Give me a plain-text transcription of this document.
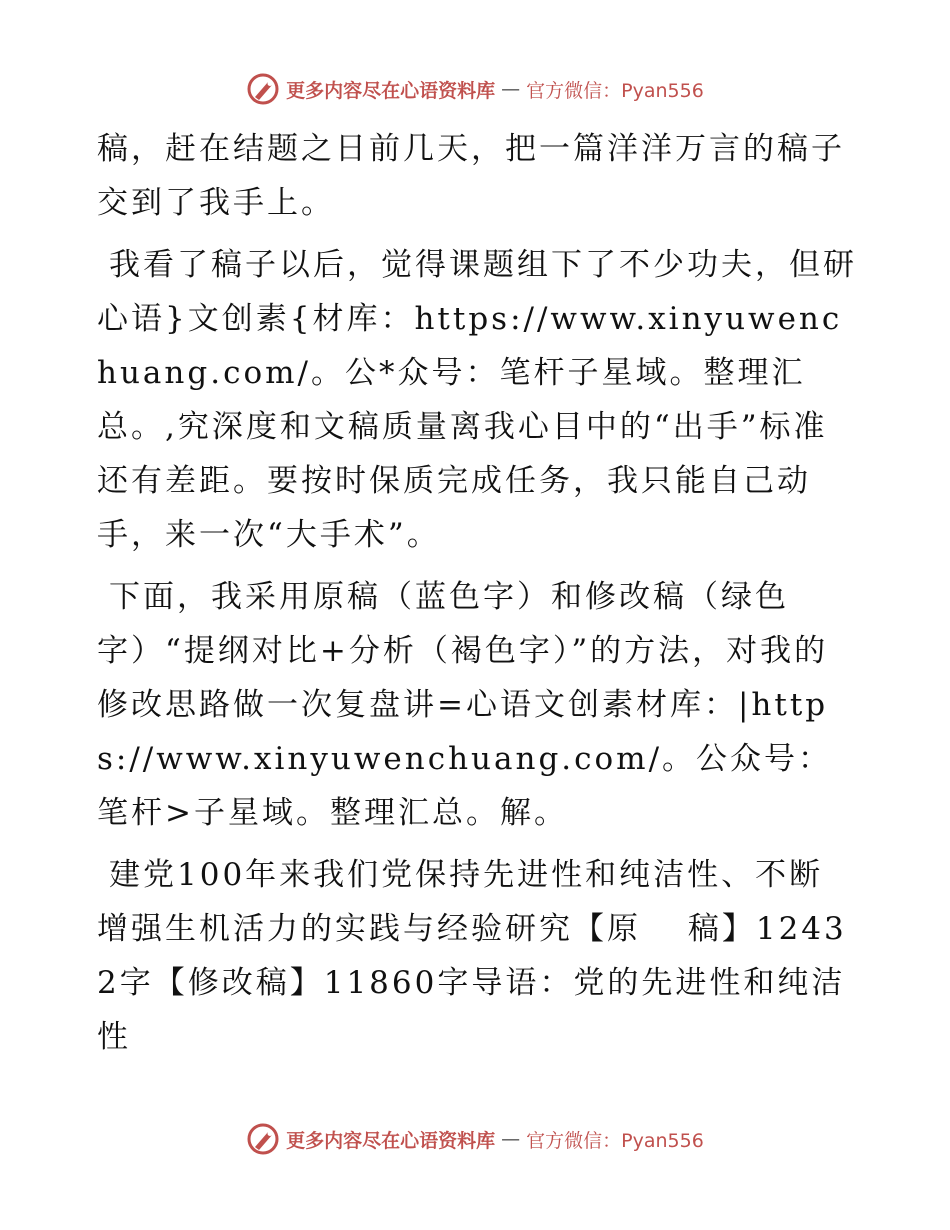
更多内容尽在心语资料库 — 官方微信：Pyan556

稿，赶在结题之日前几天，把一篇洋洋万言的稿子交到了我手上。

我看了稿子以后，觉得课题组下了不少功夫，但研心语}文创素{材库：https://www.xinyuwenchuang.com/。公*众号：笔杆子星域。整理汇总。,究深度和文稿质量离我心目中的“出手”标准还有差距。要按时保质完成任务，我只能自己动手，来一次“大手术”。

下面，我采用原稿（蓝色字）和修改稿（绿色字）“提纲对比+分析（褐色字）”的方法，对我的修改思路做一次复盘讲=心语文创素材库：|https://www.xinyuwenchuang.com/。公众号：笔杆>子星域。整理汇总。解。

建党100年来我们党保持先进性和纯洁性、不断增强生机活力的实践与经验研究【原　 稿】12432字【修改稿】11860字导语：党的先进性和纯洁性

更多内容尽在心语资料库 — 官方微信：Pyan556
